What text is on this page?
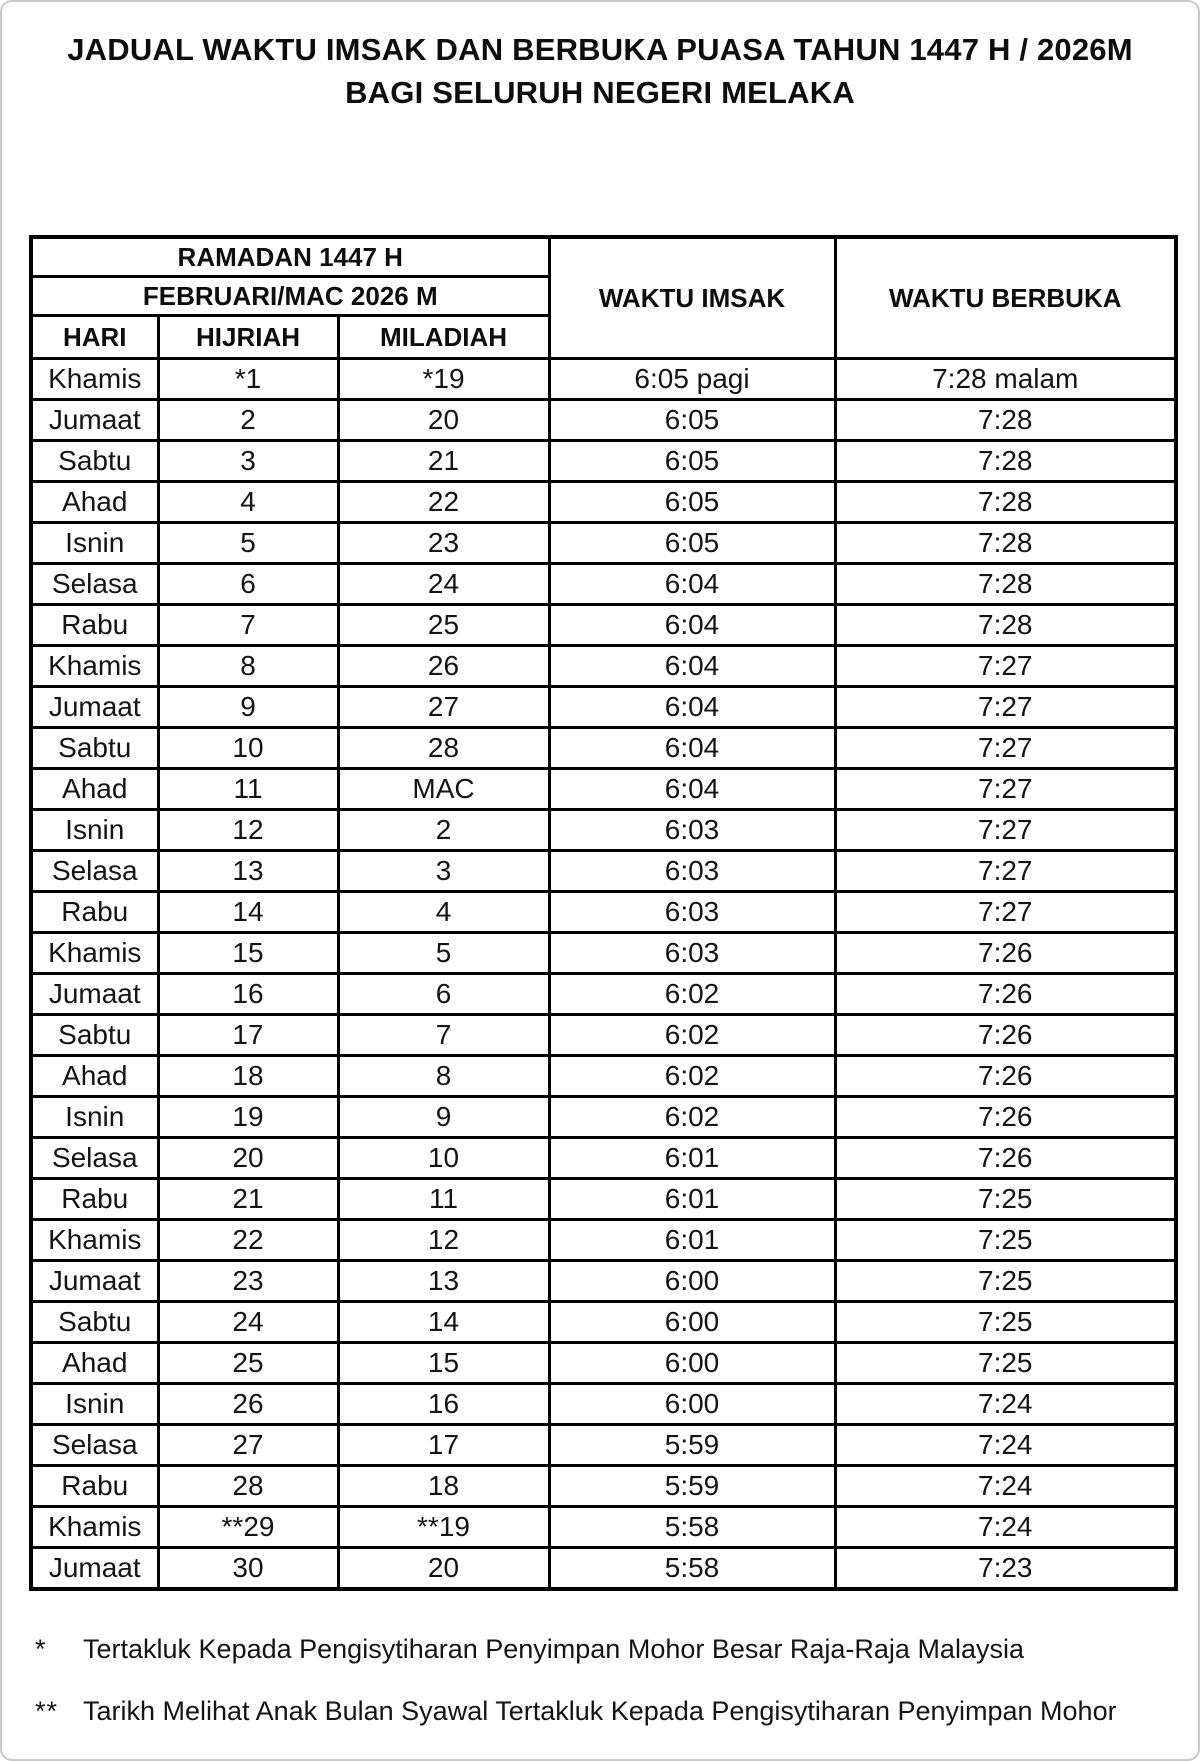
JADUAL WAKTU IMSAK DAN BERBUKA PUASA TAHUN 1447 H / 2026M
BAGI SELURUH NEGERI MELAKA
RAMADAN 1447 H			WAKTU IMSAK	WAKTU BERBUKA
FEBRUARI/MAC 2026 M				
HARI	HIJRIAH	MILADIAH		
Khamis	*1	*19	6:05 pagi	7:28 malam
Jumaat	2	20	6:05	7:28
Sabtu	3	21	6:05	7:28
Ahad	4	22	6:05	7:28
Isnin	5	23	6:05	7:28
Selasa	6	24	6:04	7:28
Rabu	7	25	6:04	7:28
Khamis	8	26	6:04	7:27
Jumaat	9	27	6:04	7:27
Sabtu	10	28	6:04	7:27
Ahad	11	MAC	6:04	7:27
Isnin	12	2	6:03	7:27
Selasa	13	3	6:03	7:27
Rabu	14	4	6:03	7:27
Khamis	15	5	6:03	7:26
Jumaat	16	6	6:02	7:26
Sabtu	17	7	6:02	7:26
Ahad	18	8	6:02	7:26
Isnin	19	9	6:02	7:26
Selasa	20	10	6:01	7:26
Rabu	21	11	6:01	7:25
Khamis	22	12	6:01	7:25
Jumaat	23	13	6:00	7:25
Sabtu	24	14	6:00	7:25
Ahad	25	15	6:00	7:25
Isnin	26	16	6:00	7:24
Selasa	27	17	5:59	7:24
Rabu	28	18	5:59	7:24
Khamis	**29	**19	5:58	7:24
Jumaat	30	20	5:58	7:23
*	Tertakluk Kepada Pengisytiharan Penyimpan Mohor Besar Raja-Raja Malaysia
** Tarikh Melihat Anak Bulan Syawal Tertakluk Kepada Pengisytiharan Penyimpan Mohor
